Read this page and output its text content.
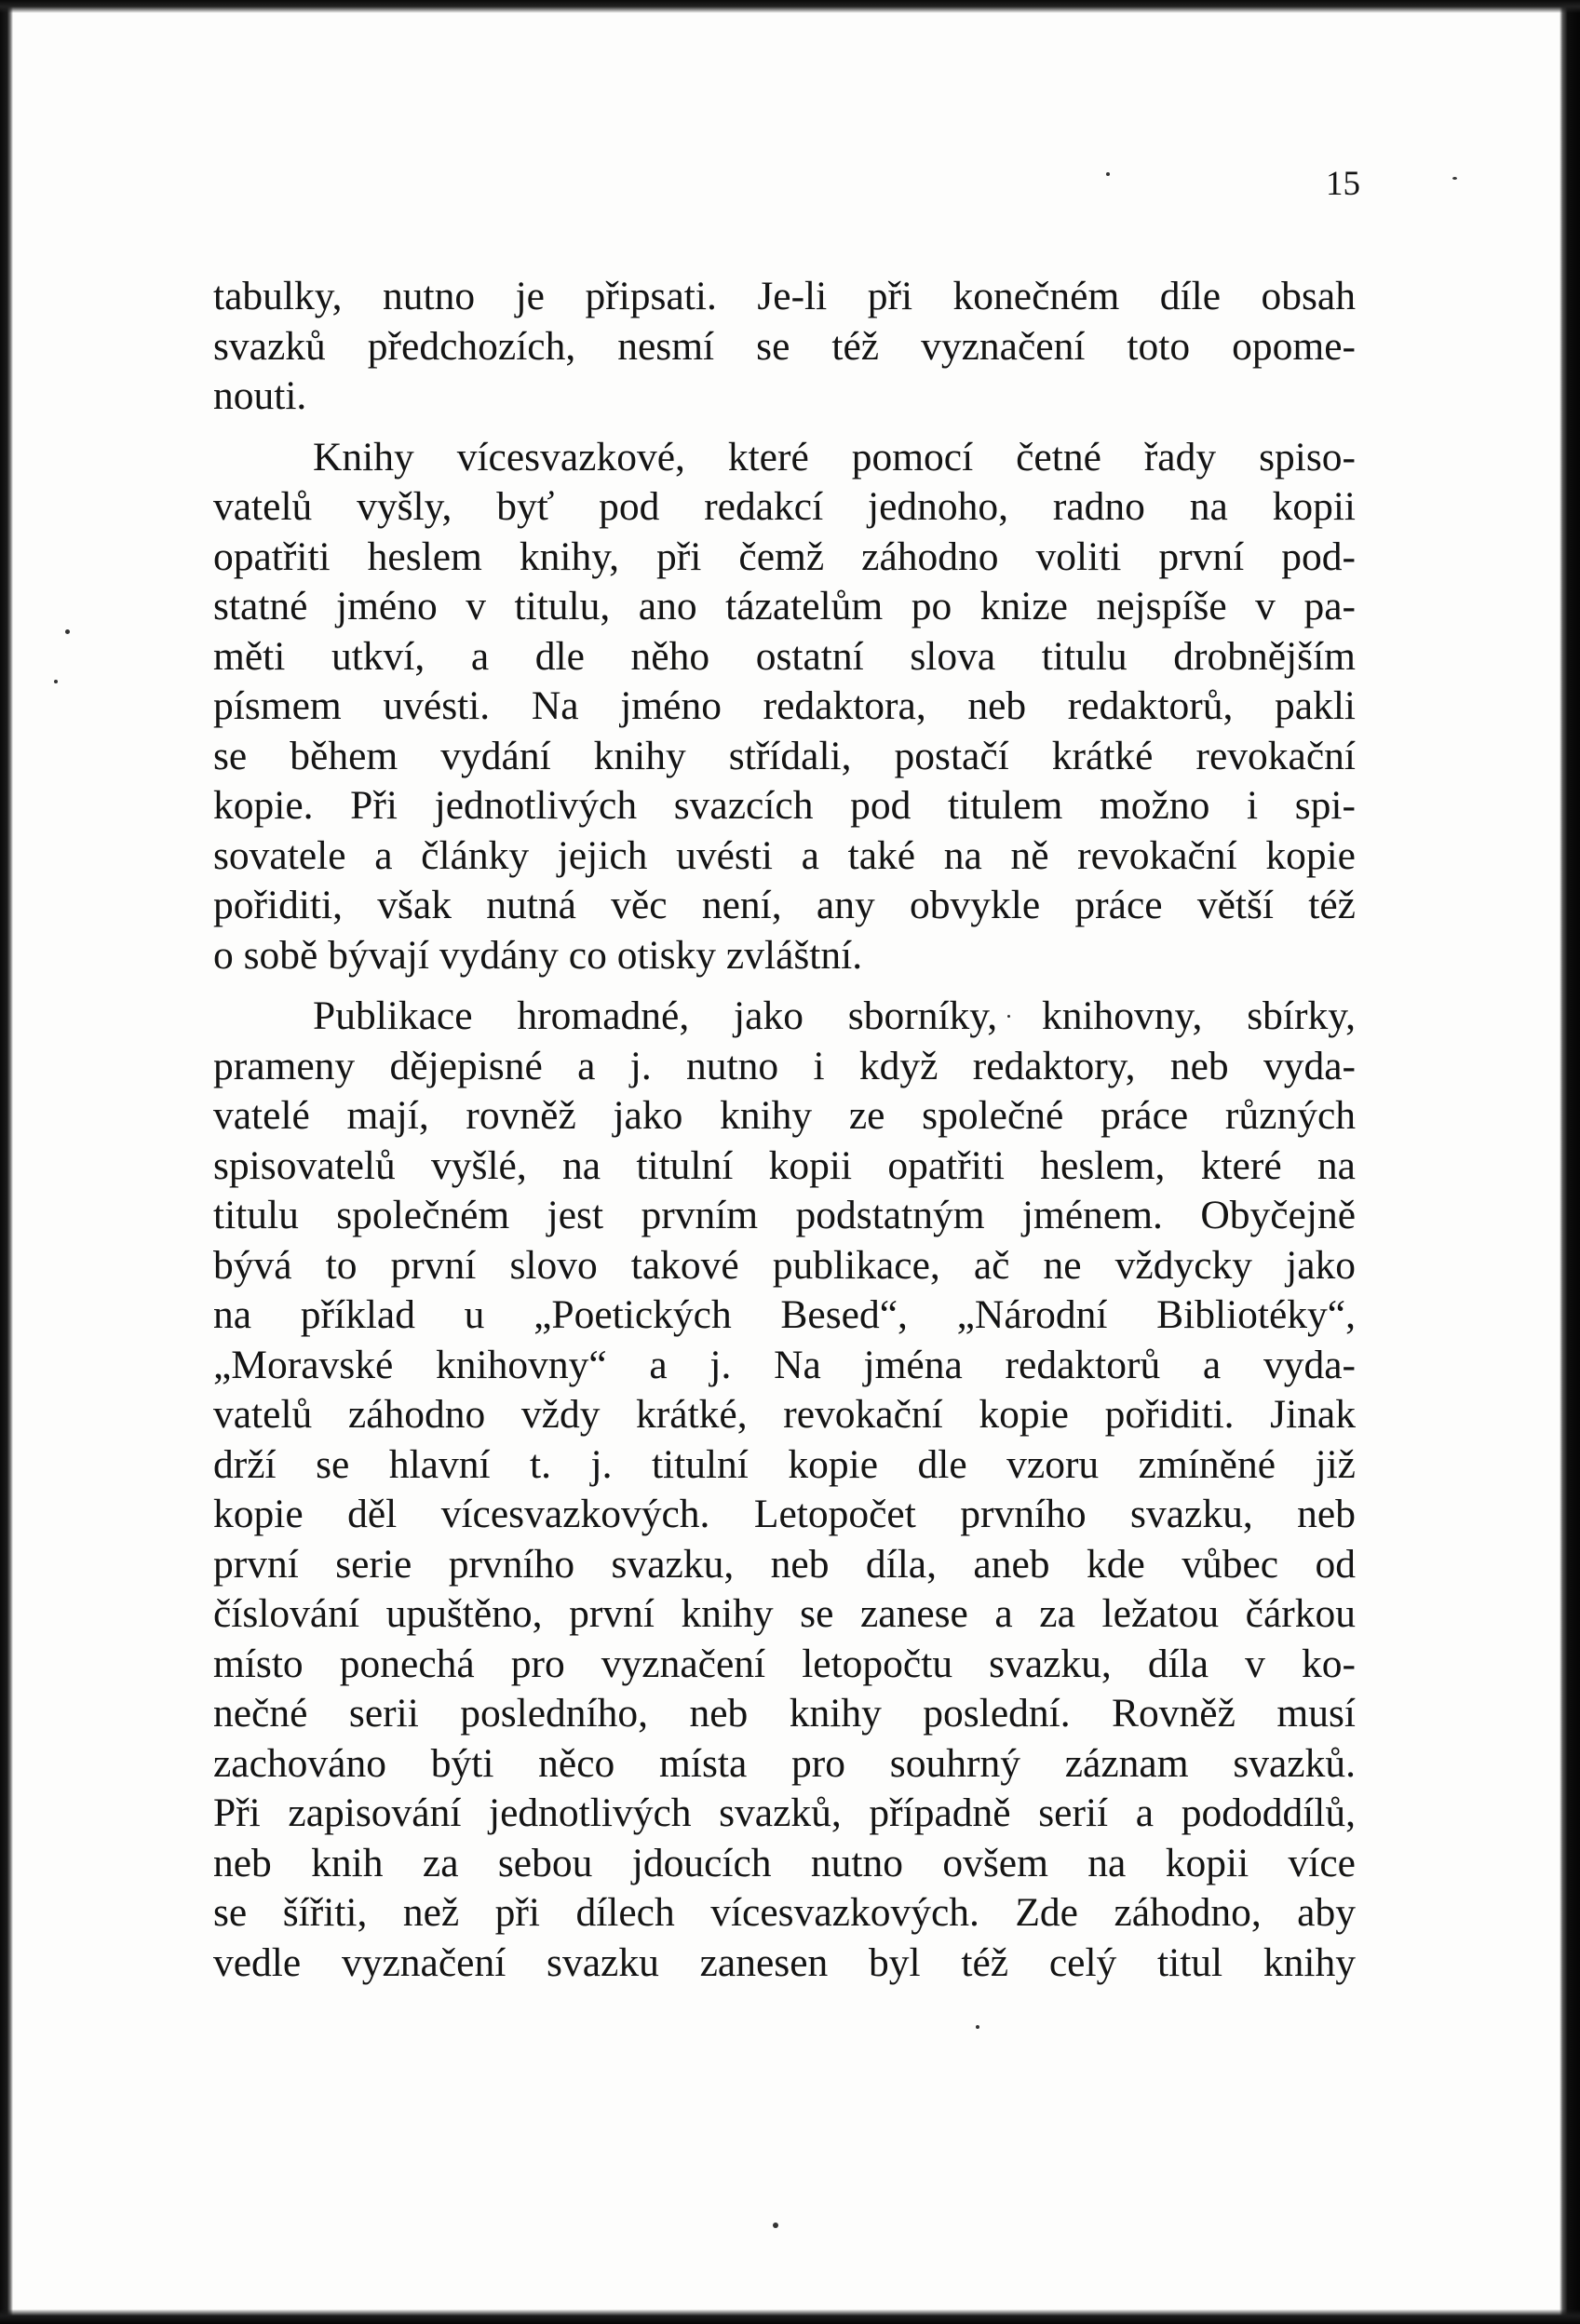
15
tabulky, nutno je připsati. Je-li při konečném díle obsah
svazků předchozích, nesmí se též vyznačení toto opome-
nouti.
Knihy vícesvazkové, které pomocí četné řady spiso-
vatelů vyšly, byť pod redakcí jednoho, radno na kopii
opatřiti heslem knihy, při čemž záhodno voliti první pod-
statné jméno v titulu, ano tázatelům po knize nejspíše v pa-
měti utkví, a dle něho ostatní slova titulu drobnějším
písmem uvésti. Na jméno redaktora, neb redaktorů, pakli
se během vydání knihy střídali, postačí krátké revokační
kopie. Při jednotlivých svazcích pod titulem možno i spi-
sovatele a články jejich uvésti a také na ně revokační kopie
pořiditi, však nutná věc není, any obvykle práce větší též
o sobě bývají vydány co otisky zvláštní.
Publikace hromadné, jako sborníky, knihovny, sbírky,
prameny dějepisné a j. nutno i když redaktory, neb vyda-
vatelé mají, rovněž jako knihy ze společné práce různých
spisovatelů vyšlé, na titulní kopii opatřiti heslem, které na
titulu společném jest prvním podstatným jménem. Obyčejně
bývá to první slovo takové publikace, ač ne vždycky jako
na příklad u „Poetických Besed“, „Národní Bibliotéky“,
„Moravské knihovny“ a j. Na jména redaktorů a vyda-
vatelů záhodno vždy krátké, revokační kopie pořiditi. Jinak
drží se hlavní t. j. titulní kopie dle vzoru zmíněné již
kopie děl vícesvazkových. Letopočet prvního svazku, neb
první serie prvního svazku, neb díla, aneb kde vůbec od
číslování upuštěno, první knihy se zanese a za ležatou čárkou
místo ponechá pro vyznačení letopočtu svazku, díla v ko-
nečné serii posledního, neb knihy poslední. Rovněž musí
zachováno býti něco místa pro souhrný záznam svazků.
Při zapisování jednotlivých svazků, případně serií a pododdílů,
neb knih za sebou jdoucích nutno ovšem na kopii více
se šířiti, než při dílech vícesvazkových. Zde záhodno, aby
vedle vyznačení svazku zanesen byl též celý titul knihy
